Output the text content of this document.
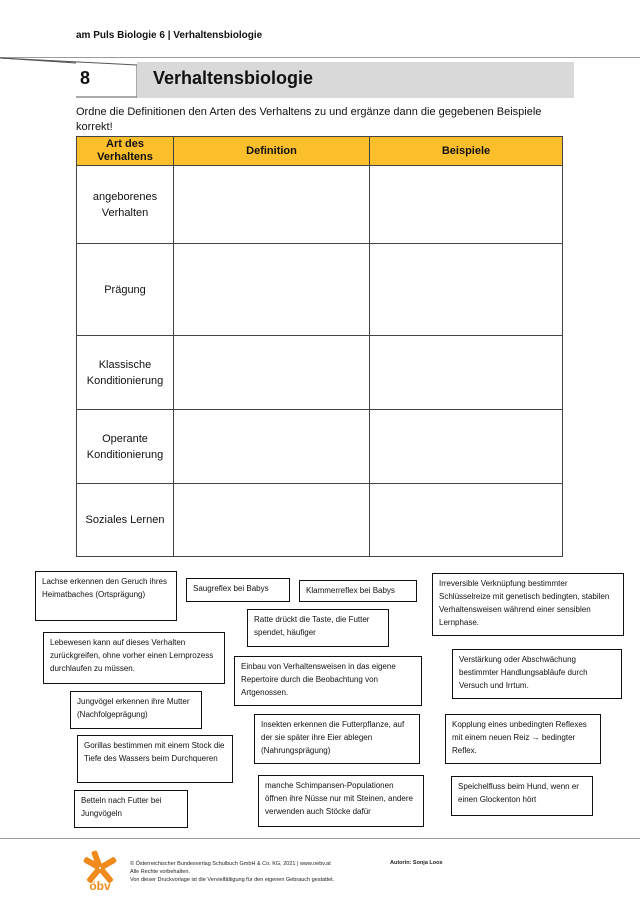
am Puls Biologie 6 | Verhaltensbiologie
8	Verhaltensbiologie
Ordne die Definitionen den Arten des Verhaltens zu und ergänze dann die gegebenen Beispiele korrekt!
Art des Verhaltens	Definition	Beispiele
angeborenes Verhalten		
Prägung		
Klassische Konditionierung		
Operante Konditionierung		
Soziales Lernen		
Lachse erkennen den Geruch ihres Heimatbaches (Ortsprägung)
Saugreflex bei Babys	Klammerreflex bei Babys
Irreversible Verknüpfung bestimmter Schlüsselreize mit genetisch bedingten, stabilen Verhaltensweisen während einer sensiblen Lernphase.
Ratte drückt die Taste, die Futter spendet, häufiger
Lebewesen kann auf dieses Verhalten zurückgreifen, ohne vorher einen Lernprozess durchlaufen zu müssen.	Einbau von Verhaltensweisen in das eigene Repertoire durch die Beobachtung von Artgenossen.
Verstärkung oder Abschwächung bestimmter Handlungsabläufe durch Versuch und Irrtum.
Jungvögel erkennen ihre Mutter (Nachfolgeprägung)
Insekten erkennen die Futterpflanze, auf der sie später ihre Eier ablegen (Nahrungsprägung)
Kopplung eines unbedingten Reflexes mit einem neuen Reiz → bedingter Reflex.
Gorillas bestimmen mit einem Stock die Tiefe des Wassers beim Durchqueren
manche Schimpansen-Populationen öffnen ihre Nüsse nur mit Steinen, andere verwenden auch Stöcke dafür
Speichelfluss beim Hund, wenn er einen Glockenton hört
Betteln nach Futter bei Jungvögeln
öbv
© Österreichischer Bundesverlag Schulbuch GmbH & Co. KG, 2021 | www.oebv.at
Alle Rechte vorbehalten.
Von dieser Druckvorlage ist die Vervielfältigung für den eigenen Gebrauch gestattet.
Autorin: Sonja Loos
